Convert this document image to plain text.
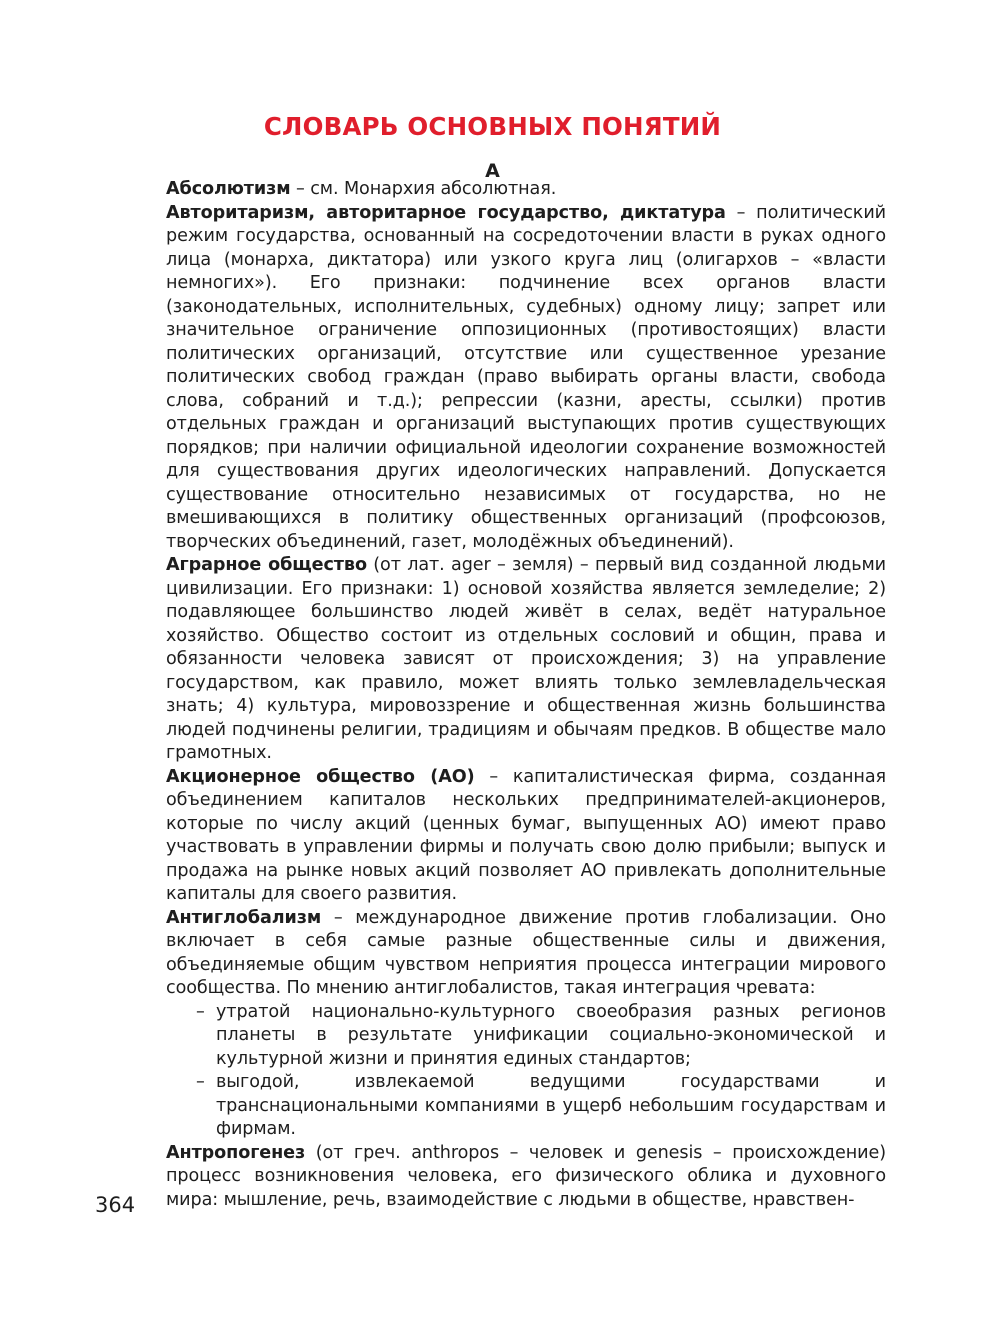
СЛОВАРЬ ОСНОВНЫХ ПОНЯТИЙ
А

Абсолютизм – см. Монархия абсолютная.

Авторитаризм, авторитарное государство, диктатура – политический режим государства, основанный на сосредоточении власти в руках одного лица (монарха, диктатора) или узкого круга лиц (олигархов – «власти немногих»). Его признаки: подчинение всех органов власти (законодательных, исполнительных, судебных) одному лицу; запрет или значительное ограничение оппозиционных (противостоящих) власти политических организаций, отсутствие или существенное урезание политических свобод граждан (право выбирать органы власти, свобода слова, собраний и т.д.); репрессии (казни, аресты, ссылки) против отдельных граждан и организаций выступающих против существующих порядков; при наличии официальной идеологии сохранение возможностей для существования других идеологических направлений. Допускается существование относительно независимых от государства, но не вмешивающихся в политику общественных организаций (профсоюзов, творческих объединений, газет, молодёжных объединений).

Аграрное общество (от лат. ager – земля) – первый вид созданной людьми цивилизации. Его признаки: 1) основой хозяйства является земледелие; 2) подавляющее большинство людей живёт в селах, ведёт натуральное хозяйство. Общество состоит из отдельных сословий и общин, права и обязанности человека зависят от происхождения; 3) на управление государством, как правило, может влиять только землевладельческая знать; 4) культура, мировоззрение и общественная жизнь большинства людей подчинены религии, традициям и обычаям предков. В обществе мало грамотных.

Акционерное общество (АО) – капиталистическая фирма, созданная объединением капиталов нескольких предпринимателей-акционеров, которые по числу акций (ценных бумаг, выпущенных АО) имеют право участвовать в управлении фирмы и получать свою долю прибыли; выпуск и продажа на рынке новых акций позволяет АО привлекать дополнительные капиталы для своего развития.

Антиглобализм – международное движение против глобализации. Оно включает в себя самые разные общественные силы и движения, объединяемые общим чувством неприятия процесса интеграции мирового сообщества. По мнению антиглобалистов, такая интеграция чревата:

– утратой национально-культурного своеобразия разных регионов планеты в результате унификации социально-экономической и культурной жизни и принятия единых стандартов;
– выгодой, извлекаемой ведущими государствами и транснациональными компаниями в ущерб небольшим государствам и фирмам.

Антропогенез (от греч. anthropos – человек и genesis – происхождение) процесс возникновения человека, его физического облика и духовного мира: мышление, речь, взаимодействие с людьми в обществе, нравствен-

364
